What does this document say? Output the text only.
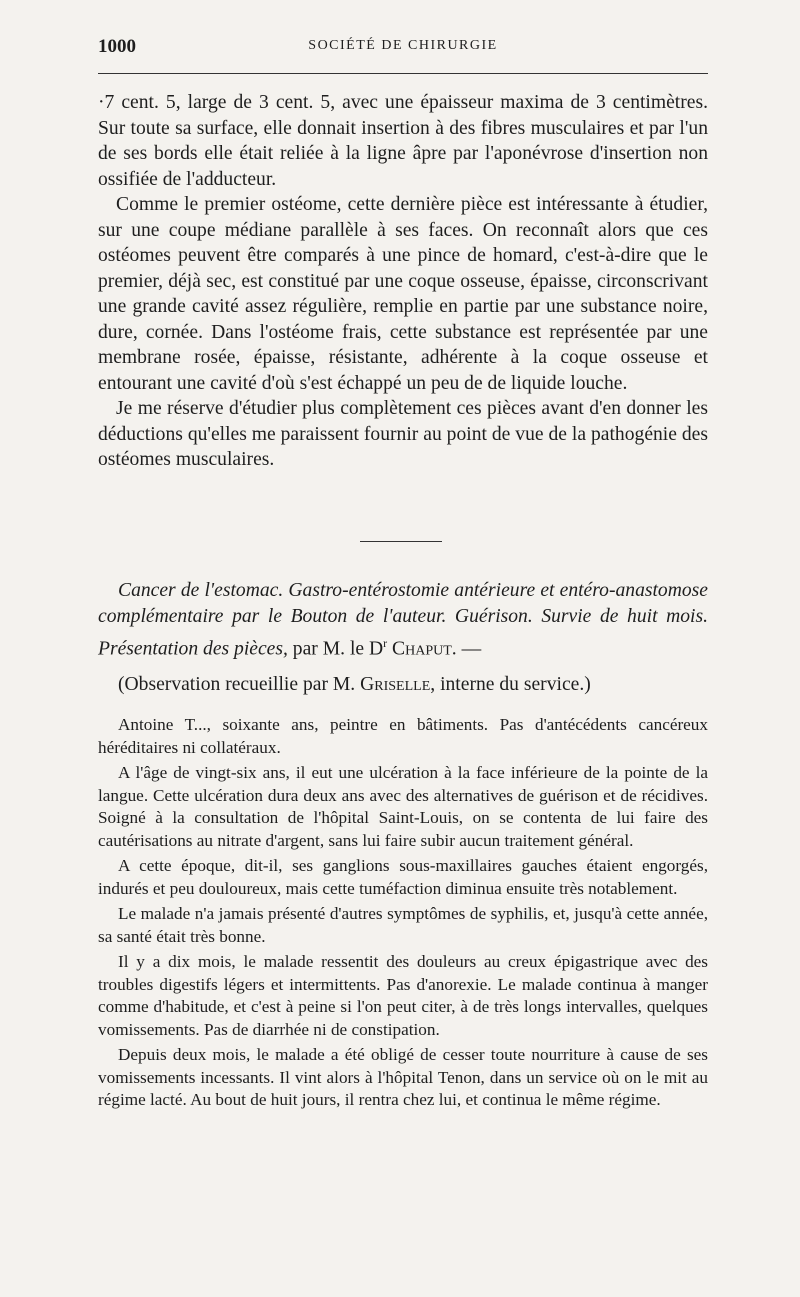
1000	SOCIÉTÉ DE CHIRURGIE

·7 cent. 5, large de 3 cent. 5, avec une épaisseur maxima de 3 centimètres. Sur toute sa surface, elle donnait insertion à des fibres musculaires et par l'un de ses bords elle était reliée à la ligne âpre par l'aponévrose d'insertion non ossifiée de l'adducteur.

Comme le premier ostéome, cette dernière pièce est intéressante à étudier, sur une coupe médiane parallèle à ses faces. On reconnaît alors que ces ostéomes peuvent être comparés à une pince de homard, c'est-à-dire que le premier, déjà sec, est constitué par une coque osseuse, épaisse, circonscrivant une grande cavité assez régulière, remplie en partie par une substance noire, dure, cornée. Dans l'ostéome frais, cette substance est représentée par une membrane rosée, épaisse, résistante, adhérente à la coque osseuse et entourant une cavité d'où s'est échappé un peu de de liquide louche.

Je me réserve d'étudier plus complètement ces pièces avant d'en donner les déductions qu'elles me paraissent fournir au point de vue de la pathogénie des ostéomes musculaires.

Cancer de l'estomac. Gastro-entérostomie antérieure et entéro-anastomose complémentaire par le Bouton de l'auteur. Guérison. Survie de huit mois. Présentation des pièces, par M. le $D^r$ Chaput. —

(Observation recueillie par M. Griselle, interne du service.)

Antoine T..., soixante ans, peintre en bâtiments. Pas d'antécédents cancéreux héréditaires ni collatéraux.

A l'âge de vingt-six ans, il eut une ulcération à la face inférieure de la pointe de la langue. Cette ulcération dura deux ans avec des alternatives de guérison et de récidives. Soigné à la consultation de l'hôpital Saint-Louis, on se contenta de lui faire des cautérisations au nitrate d'argent, sans lui faire subir aucun traitement général.

A cette époque, dit-il, ses ganglions sous-maxillaires gauches étaient engorgés, indurés et peu douloureux, mais cette tuméfaction diminua ensuite très notablement.

Le malade n'a jamais présenté d'autres symptômes de syphilis, et, jusqu'à cette année, sa santé était très bonne.

Il y a dix mois, le malade ressentit des douleurs au creux épigastrique avec des troubles digestifs légers et intermittents. Pas d'anorexie. Le malade continua à manger comme d'habitude, et c'est à peine si l'on peut citer, à de très longs intervalles, quelques vomissements. Pas de diarrhée ni de constipation.

Depuis deux mois, le malade a été obligé de cesser toute nourriture à cause de ses vomissements incessants. Il vint alors à l'hôpital Tenon, dans un service où on le mit au régime lacté. Au bout de huit jours, il rentra chez lui, et continua le même régime.
